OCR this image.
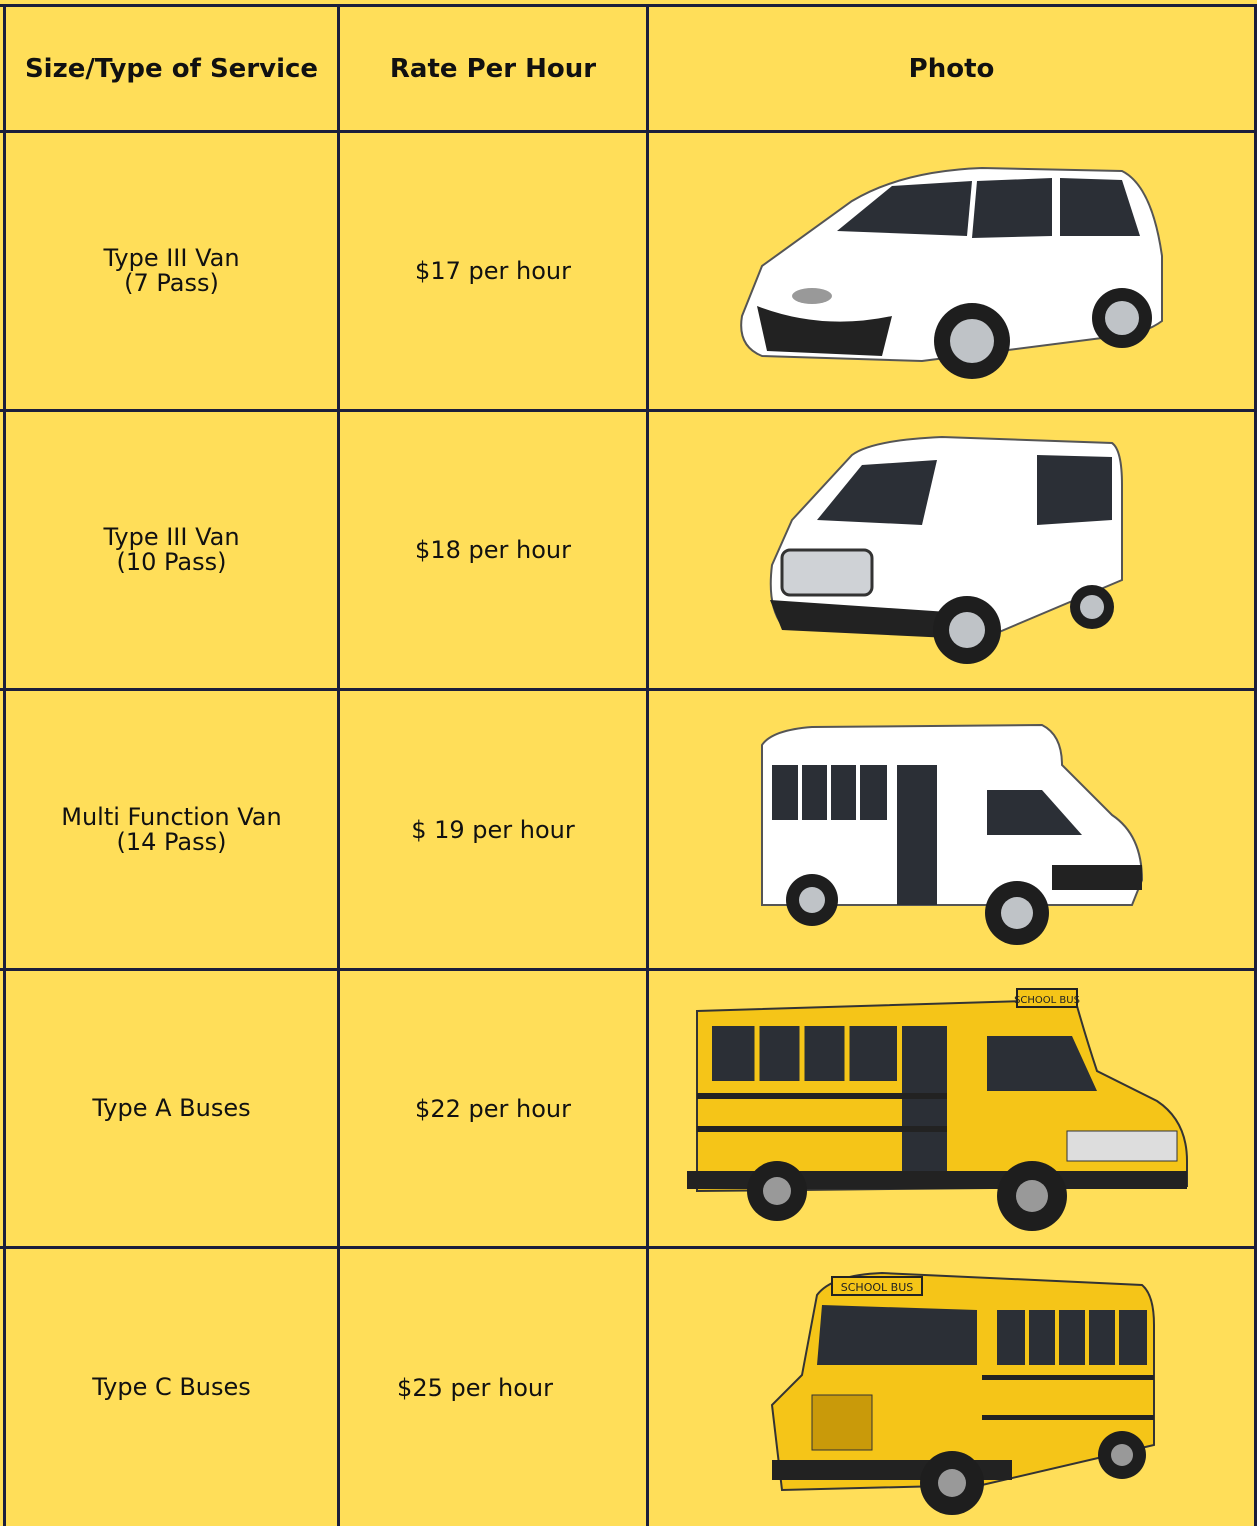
Size/Type of Service	Rate Per Hour	Photo
Type III Van
(7 Pass)	$17 per hour
Type III Van
(10 Pass)	$18 per hour
Multi Function Van
(14 Pass)	$ 19 per hour
Type A Buses	$22 per hour
SCHOOL BUS
Type C Buses	$25 per hour
SCHOOL BUS
